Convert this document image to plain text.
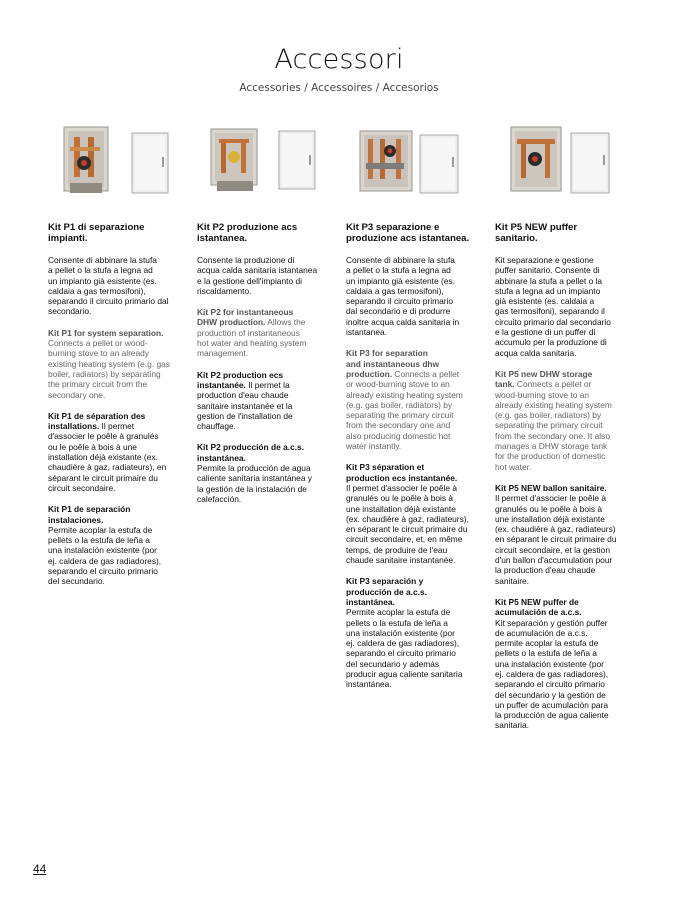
Accessori
Accessories / Accessoires / Accesorios
Kit P1 di separazione
impianti.
Consente di abbinare la stufa
a pellet o la stufa a legna ad
un impianto già esistente (es.
caldaia a gas termosifoni),
separando il circuito primario dal
secondario.
Kit P1 for system separation. Connects a pellet or wood-
burning stove to an already
existing heating system (e.g. gas
boiler, radiators) by separating
the primary circuit from the
secondary one.
Kit P1 de séparation des
installations. Il permet
d'associer le poêle à granulés
ou le poêle à bois à une
installation déjà existante (ex.
chaudière à gaz, radiateurs), en
séparant le circuit primaire du
circuit secondaire.
Kit P1 de separación
instalaciones.
Permite acoplar la estufa de
pellets o la estufa de leña a
una instalación existente (por
ej. caldera de gas radiadores),
separando el circuito primario
del secundario.
Kit P2 produzione acs
istantanea.
Consente la produzione di
acqua calda sanitaria istantanea
e la gestione dell'impianto di
riscaldamento.
Kit P2 for instantaneous
DHW production. Allows the
production of instantaneous
hot water and heating system
management.
Kit P2 production ecs
instantanée. Il permet la
production d'eau chaude
sanitaire instantanée et la
gestion de l'installation de
chauffage.
Kit P2 producción de a.c.s.
instantánea.
Permite la producción de agua
caliente sanitaria instantánea y
la gestión de la instalación de
calefacción.
Kit P3 separazione e
produzione acs istantanea.
Consente di abbinare la stufa
a pellet o la stufa a legna ad
un impianto già esistente (es.
caldaia a gas termosifoni),
separando il circuito primario
dal secondario e di produrre
inoltre acqua calda sanitaria in
istantanea.
Kit P3 for separation
and instantaneous dhw
production. Connects a pellet
or wood-burning stove to an
already existing heating system
(e.g. gas boiler, radiators) by
separating the primary circuit
from the secondary one and
also producing domestic hot
water instantly.
Kit P3 séparation et
production ecs instantanée.
Il permet d'associer le poêle à
granulés ou le poêle à bois à
une installation déjà existante
(ex. chaudière à gaz, radiateurs),
en séparant le circuit primaire du
circuit secondaire, et, en même
temps, de produire de l'eau
chaude sanitaire instantanée.
Kit P3 separación y
producción de a.c.s.
instantánea.
Permite acoplar la estufa de
pellets o la estufa de leña a
una instalación existente (por
ej. caldera de gas radiadores),
separando el circuito primario
del secundario y además
producir agua caliente sanitaria
instantánea.
Kit P5 NEW puffer
sanitario.
Kit separazione e gestione
puffer sanitario. Consente di
abbinare la stufa a pellet o la
stufa a legna ad un impianto
già esistente (es. caldaia a
gas termosifoni), separando il
circuito primario dal secondario
e la gestione di un puffer di
accumulo per la produzione di
acqua calda sanitaria.
Kit P5 new DHW storage
tank. Connects a pellet or
wood-burning stove to an
already existing heating system
(e.g. gas boiler, radiators) by
separating the primary circuit
from the secondary one. It also
manages a DHW storage tank
for the production of domestic
hot water.
Kit P5 NEW ballon sanitaire.
Il permet d'associer le poêle à
granulés ou le poêle à bois à
une installation déjà existante
(ex. chaudière à gaz, radiateurs)
en séparant le circuit primaire du
circuit secondaire, et la gestion
d'un ballon d'accumulation pour
la production d'eau chaude
sanitaire.
Kit P5 NEW puffer de
acumulación de a.c.s.
Kit separación y gestión puffer
de acumulación de a.c.s.
permite acoplar la estufa de
pellets o la estufa de leña a
una instalación existente (por
ej. caldera de gas radiadores),
separando el circuito primario
del secundario y la gestión de
un puffer de acumulación para
la producción de agua caliente
sanitaria.
44
